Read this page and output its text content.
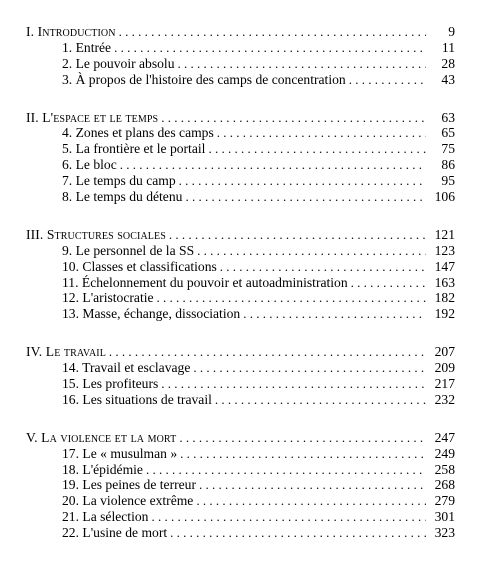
I. Introduction . . .	9
1. Entrée . . .	11
2. Le pouvoir absolu . . .	28
3. À propos de l'histoire des camps de concentration . . .	43
II. L'espace et le temps . . .	63
4. Zones et plans des camps . . .	65
5. La frontière et le portail . . .	75
6. Le bloc . . .	86
7. Le temps du camp . . .	95
8. Le temps du détenu . . .	106
III. Structures sociales . . .	121
9. Le personnel de la SS . . .	123
10. Classes et classifications . . .	147
11. Échelonnement du pouvoir et autoadministration . . .	163
12. L'aristocratie . . .	182
13. Masse, échange, dissociation . . .	192
IV. Le travail . . .	207
14. Travail et esclavage . . .	209
15. Les profiteurs . . .	217
16. Les situations de travail . . .	232
V. La violence et la mort . . .	247
17. Le « musulman » . . .	249
18. L'épidémie . . .	258
19. Les peines de terreur . . .	268
20. La violence extrême . . .	279
21. La sélection . . .	301
22. L'usine de mort . . .	323
